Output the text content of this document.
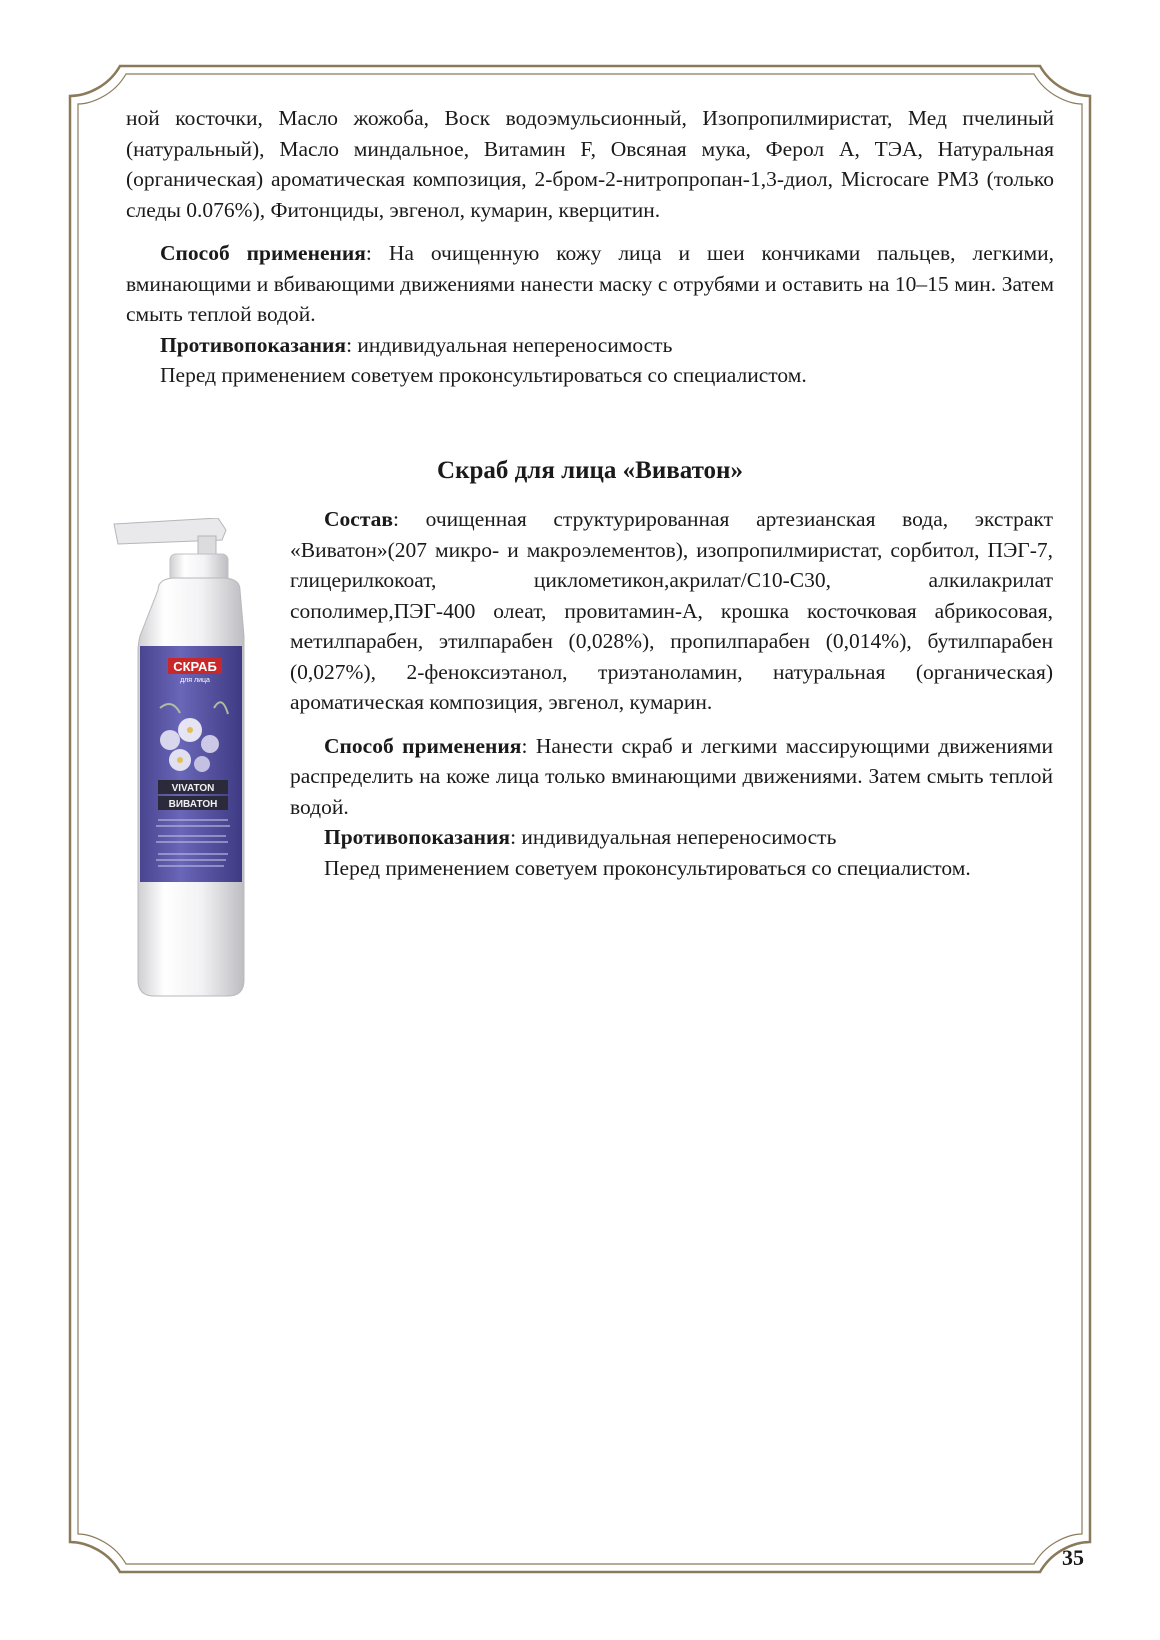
ной косточки, Масло жожоба, Воск водоэмульсионный, Изопропилмиристат, Мед пчелиный (натуральный), Масло миндальное, Витамин F, Овсяная мука, Ферол А, ТЭА, Натуральная (органическая) ароматическая композиция, 2-бром-2-нитропропан-1,3-диол, Microcare PM3 (только следы 0.076%), Фитонциды, эвгенол, кумарин, кверцитин.

Способ применения: На очищенную кожу лица и шеи кончиками пальцев, легкими, вминающими и вбивающими движениями нанести маску с отрубями и оставить на 10–15 мин. Затем смыть теплой водой.

Противопоказания: индивидуальная непереносимость

Перед применением советуем проконсультироваться со специалистом.

Скраб для лица «Виватон»
СКРАБ
для лица
VIVATON
ВИВАТОН

Состав: очищенная структурированная артезианская вода, экстракт «Виватон»(207 микро- и макроэлементов), изопропилмиристат, сорбитол, ПЭГ-7, глицерилкокоат, циклометикон,акрилат/C10-C30, алкилакрилат сополимер,ПЭГ-400 олеат, провитамин-А, крошка косточковая абрикосовая, метилпарабен, этилпарабен (0,028%), пропилпарабен (0,014%), бутилпарабен (0,027%), 2-феноксиэтанол, триэтаноламин, натуральная (органическая) ароматическая композиция, эвгенол, кумарин.

Способ применения: Нанести скраб и легкими массирующими движениями распределить на коже лица только вминающими движениями. Затем смыть теплой водой.

Противопоказания: индивидуальная непереносимость

Перед применением советуем проконсультироваться со специалистом.

35
